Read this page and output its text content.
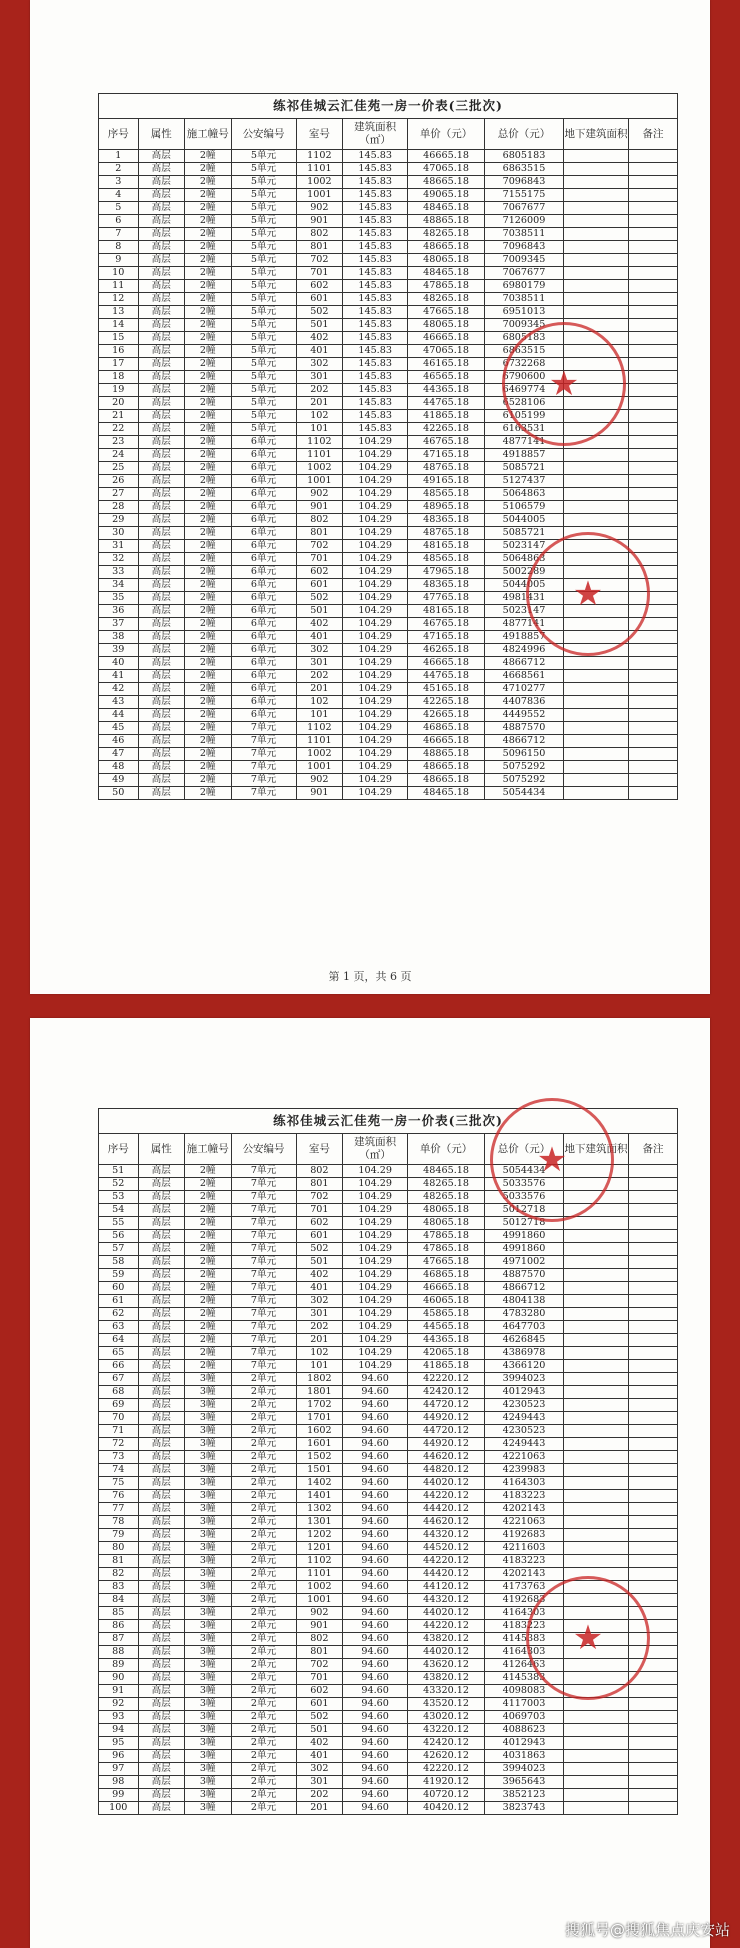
练祁佳城云汇佳苑一房一价表(三批次)									
序号	属性	施工幢号	公安编号	室号	建筑面积（㎡）	单价（元）	总价（元）	地下建筑面积	备注
1	高层	2幢	5单元	1102	145.83	46665.18	6805183		
2	高层	2幢	5单元	1101	145.83	47065.18	6863515		
3	高层	2幢	5单元	1002	145.83	48665.18	7096843		
4	高层	2幢	5单元	1001	145.83	49065.18	7155175		
5	高层	2幢	5单元	902	145.83	48465.18	7067677		
6	高层	2幢	5单元	901	145.83	48865.18	7126009		
7	高层	2幢	5单元	802	145.83	48265.18	7038511		
8	高层	2幢	5单元	801	145.83	48665.18	7096843		
9	高层	2幢	5单元	702	145.83	48065.18	7009345		
10	高层	2幢	5单元	701	145.83	48465.18	7067677		
11	高层	2幢	5单元	602	145.83	47865.18	6980179		
12	高层	2幢	5单元	601	145.83	48265.18	7038511		
13	高层	2幢	5单元	502	145.83	47665.18	6951013		
14	高层	2幢	5单元	501	145.83	48065.18	7009345		
15	高层	2幢	5单元	402	145.83	46665.18	6805183		
16	高层	2幢	5单元	401	145.83	47065.18	6863515		
17	高层	2幢	5单元	302	145.83	46165.18	6732268		
18	高层	2幢	5单元	301	145.83	46565.18	6790600		
19	高层	2幢	5单元	202	145.83	44365.18	6469774		
20	高层	2幢	5单元	201	145.83	44765.18	6528106		
21	高层	2幢	5单元	102	145.83	41865.18	6105199		
22	高层	2幢	5单元	101	145.83	42265.18	6163531		
23	高层	2幢	6单元	1102	104.29	46765.18	4877141		
24	高层	2幢	6单元	1101	104.29	47165.18	4918857		
25	高层	2幢	6单元	1002	104.29	48765.18	5085721		
26	高层	2幢	6单元	1001	104.29	49165.18	5127437		
27	高层	2幢	6单元	902	104.29	48565.18	5064863		
28	高层	2幢	6单元	901	104.29	48965.18	5106579		
29	高层	2幢	6单元	802	104.29	48365.18	5044005		
30	高层	2幢	6单元	801	104.29	48765.18	5085721		
31	高层	2幢	6单元	702	104.29	48165.18	5023147		
32	高层	2幢	6单元	701	104.29	48565.18	5064863		
33	高层	2幢	6单元	602	104.29	47965.18	5002289		
34	高层	2幢	6单元	601	104.29	48365.18	5044005		
35	高层	2幢	6单元	502	104.29	47765.18	4981431		
36	高层	2幢	6单元	501	104.29	48165.18	5023147		
37	高层	2幢	6单元	402	104.29	46765.18	4877141		
38	高层	2幢	6单元	401	104.29	47165.18	4918857		
39	高层	2幢	6单元	302	104.29	46265.18	4824996		
40	高层	2幢	6单元	301	104.29	46665.18	4866712		
41	高层	2幢	6单元	202	104.29	44765.18	4668561		
42	高层	2幢	6单元	201	104.29	45165.18	4710277		
43	高层	2幢	6单元	102	104.29	42265.18	4407836		
44	高层	2幢	6单元	101	104.29	42665.18	4449552		
45	高层	2幢	7单元	1102	104.29	46865.18	4887570		
46	高层	2幢	7单元	1101	104.29	46665.18	4866712		
47	高层	2幢	7单元	1002	104.29	48865.18	5096150		
48	高层	2幢	7单元	1001	104.29	48665.18	5075292		
49	高层	2幢	7单元	902	104.29	48665.18	5075292		
50	高层	2幢	7单元	901	104.29	48465.18	5054434		
第 1 页，共 6 页
★
★
练祁佳城云汇佳苑一房一价表(三批次)									
序号	属性	施工幢号	公安编号	室号	建筑面积（㎡）	单价（元）	总价（元）	地下建筑面积	备注
51	高层	2幢	7单元	802	104.29	48465.18	5054434		
52	高层	2幢	7单元	801	104.29	48265.18	5033576		
53	高层	2幢	7单元	702	104.29	48265.18	5033576		
54	高层	2幢	7单元	701	104.29	48065.18	5012718		
55	高层	2幢	7单元	602	104.29	48065.18	5012718		
56	高层	2幢	7单元	601	104.29	47865.18	4991860		
57	高层	2幢	7单元	502	104.29	47865.18	4991860		
58	高层	2幢	7单元	501	104.29	47665.18	4971002		
59	高层	2幢	7单元	402	104.29	46865.18	4887570		
60	高层	2幢	7单元	401	104.29	46665.18	4866712		
61	高层	2幢	7单元	302	104.29	46065.18	4804138		
62	高层	2幢	7单元	301	104.29	45865.18	4783280		
63	高层	2幢	7单元	202	104.29	44565.18	4647703		
64	高层	2幢	7单元	201	104.29	44365.18	4626845		
65	高层	2幢	7单元	102	104.29	42065.18	4386978		
66	高层	2幢	7单元	101	104.29	41865.18	4366120		
67	高层	3幢	2单元	1802	94.60	42220.12	3994023		
68	高层	3幢	2单元	1801	94.60	42420.12	4012943		
69	高层	3幢	2单元	1702	94.60	44720.12	4230523		
70	高层	3幢	2单元	1701	94.60	44920.12	4249443		
71	高层	3幢	2单元	1602	94.60	44720.12	4230523		
72	高层	3幢	2单元	1601	94.60	44920.12	4249443		
73	高层	3幢	2单元	1502	94.60	44620.12	4221063		
74	高层	3幢	2单元	1501	94.60	44820.12	4239983		
75	高层	3幢	2单元	1402	94.60	44020.12	4164303		
76	高层	3幢	2单元	1401	94.60	44220.12	4183223		
77	高层	3幢	2单元	1302	94.60	44420.12	4202143		
78	高层	3幢	2单元	1301	94.60	44620.12	4221063		
79	高层	3幢	2单元	1202	94.60	44320.12	4192683		
80	高层	3幢	2单元	1201	94.60	44520.12	4211603		
81	高层	3幢	2单元	1102	94.60	44220.12	4183223		
82	高层	3幢	2单元	1101	94.60	44420.12	4202143		
83	高层	3幢	2单元	1002	94.60	44120.12	4173763		
84	高层	3幢	2单元	1001	94.60	44320.12	4192683		
85	高层	3幢	2单元	902	94.60	44020.12	4164303		
86	高层	3幢	2单元	901	94.60	44220.12	4183223		
87	高层	3幢	2单元	802	94.60	43820.12	4145383		
88	高层	3幢	2单元	801	94.60	44020.12	4164303		
89	高层	3幢	2单元	702	94.60	43620.12	4126463		
90	高层	3幢	2单元	701	94.60	43820.12	4145383		
91	高层	3幢	2单元	602	94.60	43320.12	4098083		
92	高层	3幢	2单元	601	94.60	43520.12	4117003		
93	高层	3幢	2单元	502	94.60	43020.12	4069703		
94	高层	3幢	2单元	501	94.60	43220.12	4088623		
95	高层	3幢	2单元	402	94.60	42420.12	4012943		
96	高层	3幢	2单元	401	94.60	42620.12	4031863		
97	高层	3幢	2单元	302	94.60	42220.12	3994023		
98	高层	3幢	2单元	301	94.60	41920.12	3965643		
99	高层	3幢	2单元	202	94.60	40720.12	3852123		
100	高层	3幢	2单元	201	94.60	40420.12	3823743		
★
★
搜狐号@搜狐焦点庆安站
